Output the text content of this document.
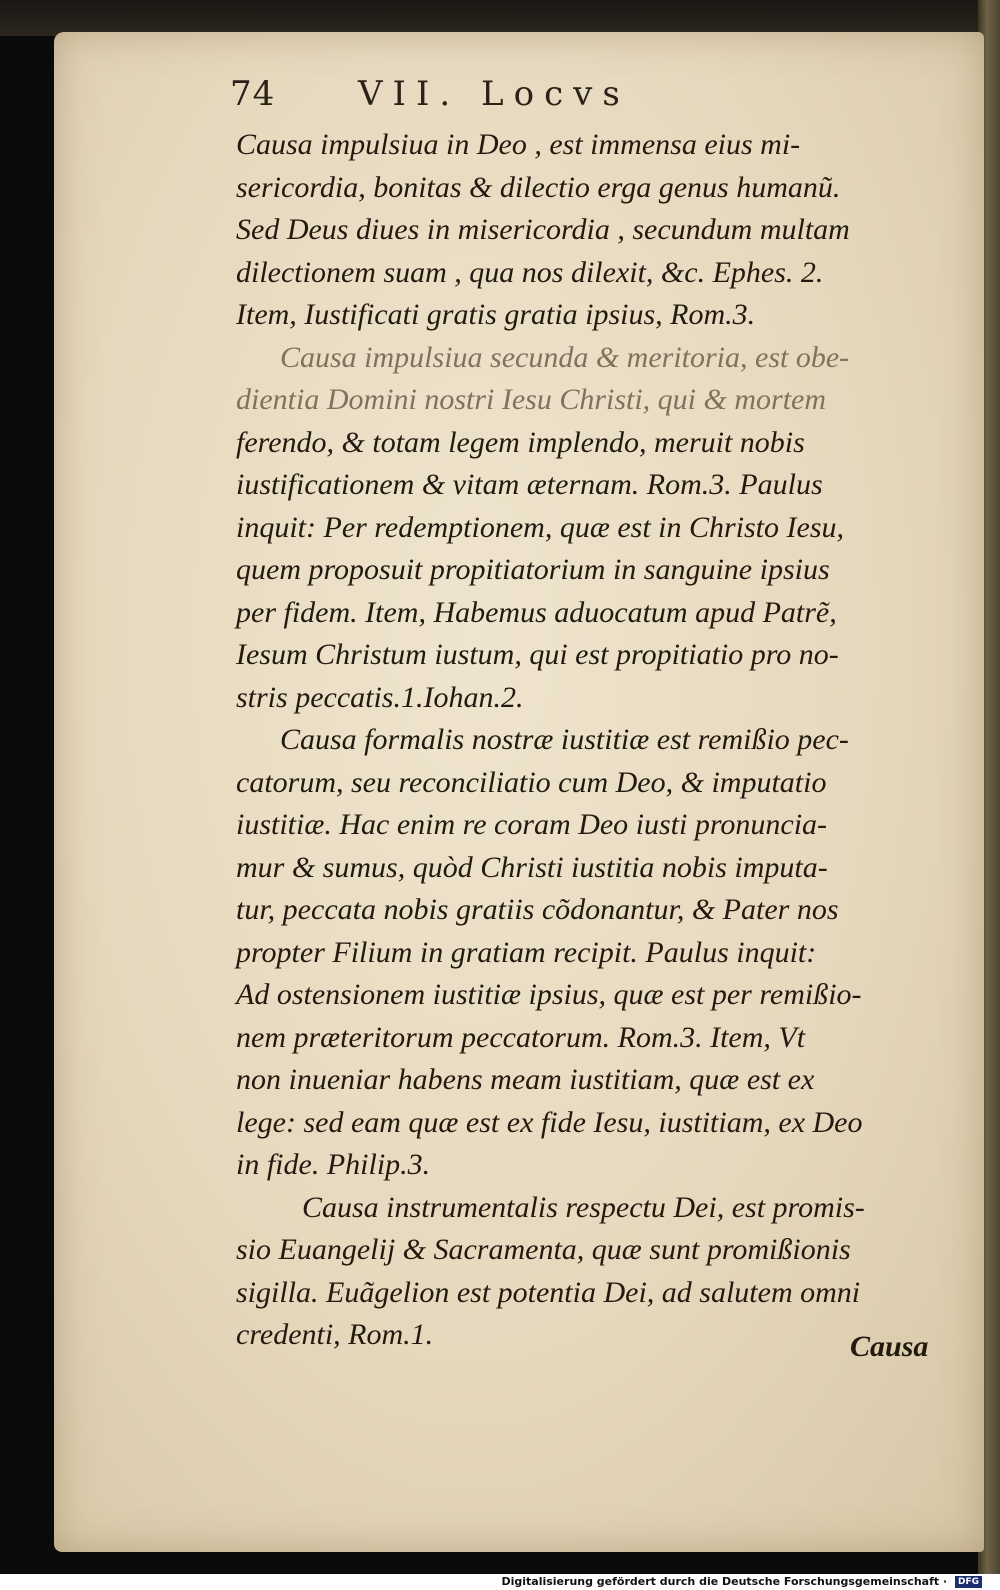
74 VII. Locvs
Causa impulsiua in Deo , est immensa eius mi-
sericordia, bonitas & dilectio erga genus humanũ.
Sed Deus diues in misericordia , secundum multam
dilectionem suam , qua nos dilexit, &c. Ephes. 2.
Item, Iustificati gratis gratia ipsius, Rom.3.
Causa impulsiua secunda & meritoria, est obe-
dientia Domini nostri Iesu Christi, qui & mortem
ferendo, & totam legem implendo, meruit nobis
iustificationem & vitam æternam. Rom.3. Paulus
inquit: Per redemptionem, quæ est in Christo Iesu,
quem proposuit propitiatorium in sanguine ipsius
per fidem. Item, Habemus aduocatum apud Patrẽ,
Iesum Christum iustum, qui est propitiatio pro no-
stris peccatis.1.Iohan.2.
Causa formalis nostræ iustitiæ est remißio pec-
catorum, seu reconciliatio cum Deo, & imputatio
iustitiæ. Hac enim re coram Deo iusti pronuncia-
mur & sumus, quòd Christi iustitia nobis imputa-
tur, peccata nobis gratiis cõdonantur, & Pater nos
propter Filium in gratiam recipit. Paulus inquit:
Ad ostensionem iustitiæ ipsius, quæ est per remißio-
nem præteritorum peccatorum. Rom.3. Item, Vt
non inueniar habens meam iustitiam, quæ est ex
lege: sed eam quæ est ex fide Iesu, iustitiam, ex Deo
in fide. Philip.3.
Causa instrumentalis respectu Dei, est promis-
sio Euangelij & Sacramenta, quæ sunt promißionis
sigilla. Euãgelion est potentia Dei, ad salutem omni
credenti, Rom.1.	Causa
Digitalisierung gefördert durch die Deutsche Forschungsgemeinschaft · DFG
